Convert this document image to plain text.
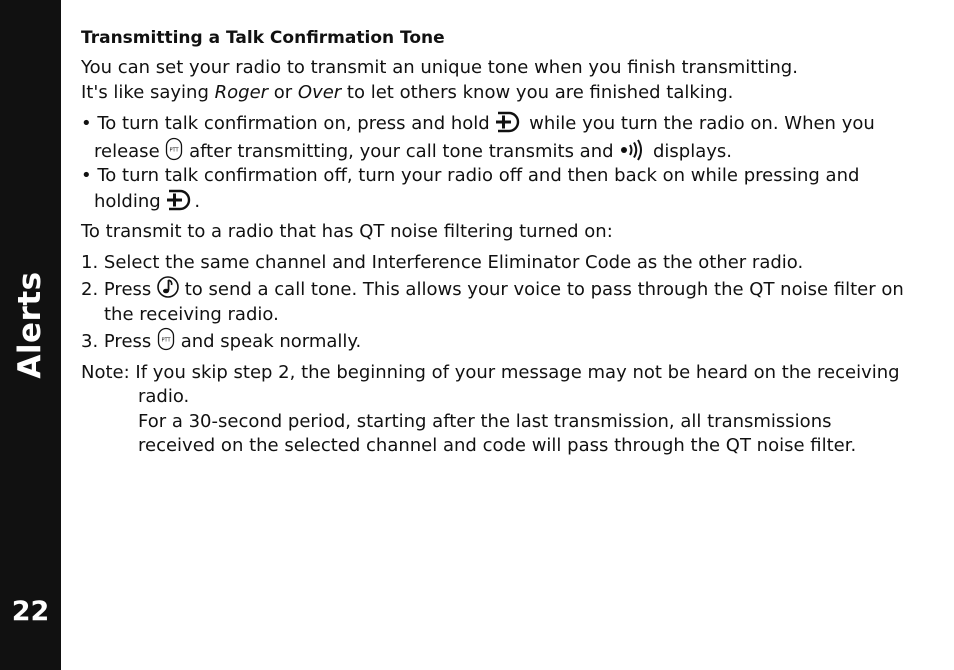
Alerts
22
Transmitting a Talk Confirmation Tone

You can set your radio to transmit an unique tone when you finish transmitting.
It's like saying Roger or Over to let others know you are finished talking.

• To turn talk confirmation on, press and hold
while you turn the radio on. When you release PTT after transmitting, your call tone transmits and
displays.
• To turn talk confirmation off, turn your radio off and then back on while pressing and holding
.

To transmit to a radio that has QT noise filtering turned on:

1. Select the same channel and Interference Eliminator Code as the other radio.
2. Press
to send a call tone. This allows your voice to pass through the QT noise filter on the receiving radio.
3. Press PTT and speak normally.
Note: If you skip step 2, the beginning of your message may not be heard on the receiving radio.
For a 30-second period, starting after the last transmission, all transmissions received on the selected channel and code will pass through the QT noise filter.
